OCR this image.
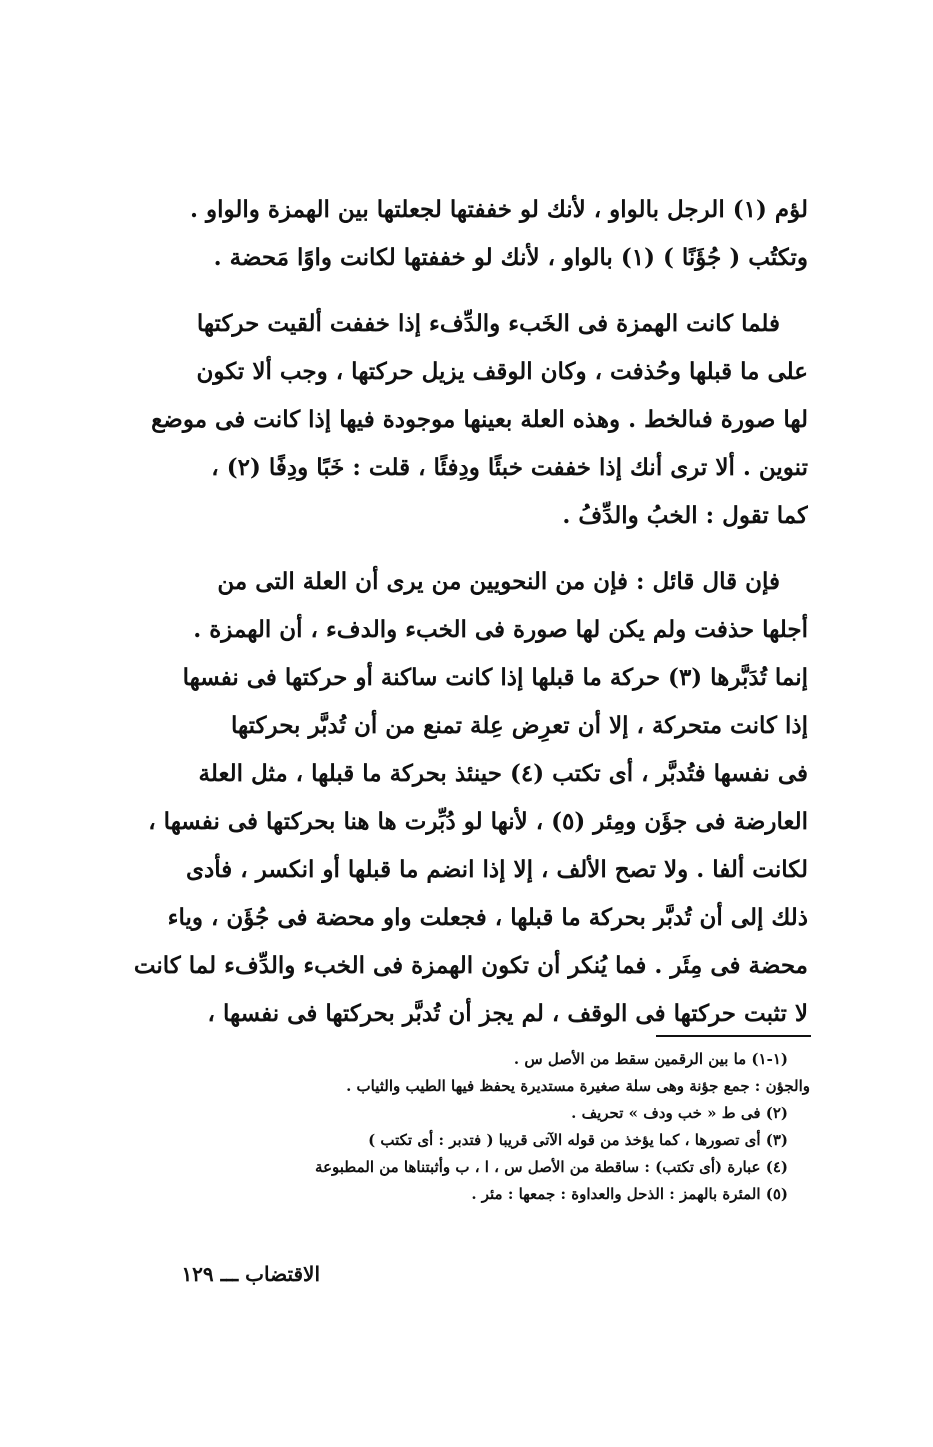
لؤم (١) الرجل بالواو ، لأنك لو خففتها لجعلتها بين الهمزة والواو .
وتكتُب ( جُؤَنًا ) (١) بالواو ، لأنك لو خففتها لكانت واوًا مَحضة .

فلما كانت الهمزة فى الخَبء والدِّفء إذا خففت ألقيت حركتها
على ما قبلها وحُذفت ، وكان الوقف يزيل حركتها ، وجب ألا تكون
لها صورة فىالخط . وهذه العلة بعينها موجودة فيها إذا كانت فى موضع
تنوين . ألا ترى أنك إذا خففت خبئًا ودِفئًا ، قلت : خَبًا ودِفًا (٢) ،
كما تقول : الخبُ والدِّفُ .

فإن قال قائل : فإن من النحويين من يرى أن العلة التى من
أجلها حذفت ولم يكن لها صورة فى الخبء والدفء ، أن الهمزة .
إنما تُدَبَّرها (٣) حركة ما قبلها إذا كانت ساكنة أو حركتها فى نفسها
إذا كانت متحركة ، إلا أن تعرِض عِلة تمنع من أن تُدبَّر بحركتها
فى نفسها فتُدبَّر ، أى تكتب (٤) حينئذ بحركة ما قبلها ، مثل العلة
العارضة فى جؤَن ومِئر (٥) ، لأنها لو دُبِّرت ها هنا بحركتها فى نفسها ،
لكانت ألفا . ولا تصح الألف ، إلا إذا انضم ما قبلها أو انكسر ، فأدى
ذلك إلى أن تُدبَّر بحركة ما قبلها ، فجعلت واو محضة فى جُؤَن ، وياء
محضة فى مِئَر . فما يُنكر أن تكون الهمزة فى الخبء والدِّفء لما كانت
لا تثبت حركتها فى الوقف ، لم يجز أن تُدبَّر بحركتها فى نفسها ،

(١-١) ما بين الرقمين سقط من الأصل س .
والجؤن : جمع جؤنة وهى سلة صغيرة مستديرة يحفظ فيها الطيب والثياب .
(٢) فى ط « خب ودف » تحريف .
(٣) أى تصورها ، كما يؤخذ من قوله الآتى قريبا ( فتدبر : أى تكتب )
(٤) عبارة (أى تكتب) : ساقطة من الأصل س ، ا ، ب وأثبتناها من المطبوعة
(٥) المئرة بالهمز : الذحل والعداوة : جمعها : مئر .
الاقتضاب ـــ ١٢٩
